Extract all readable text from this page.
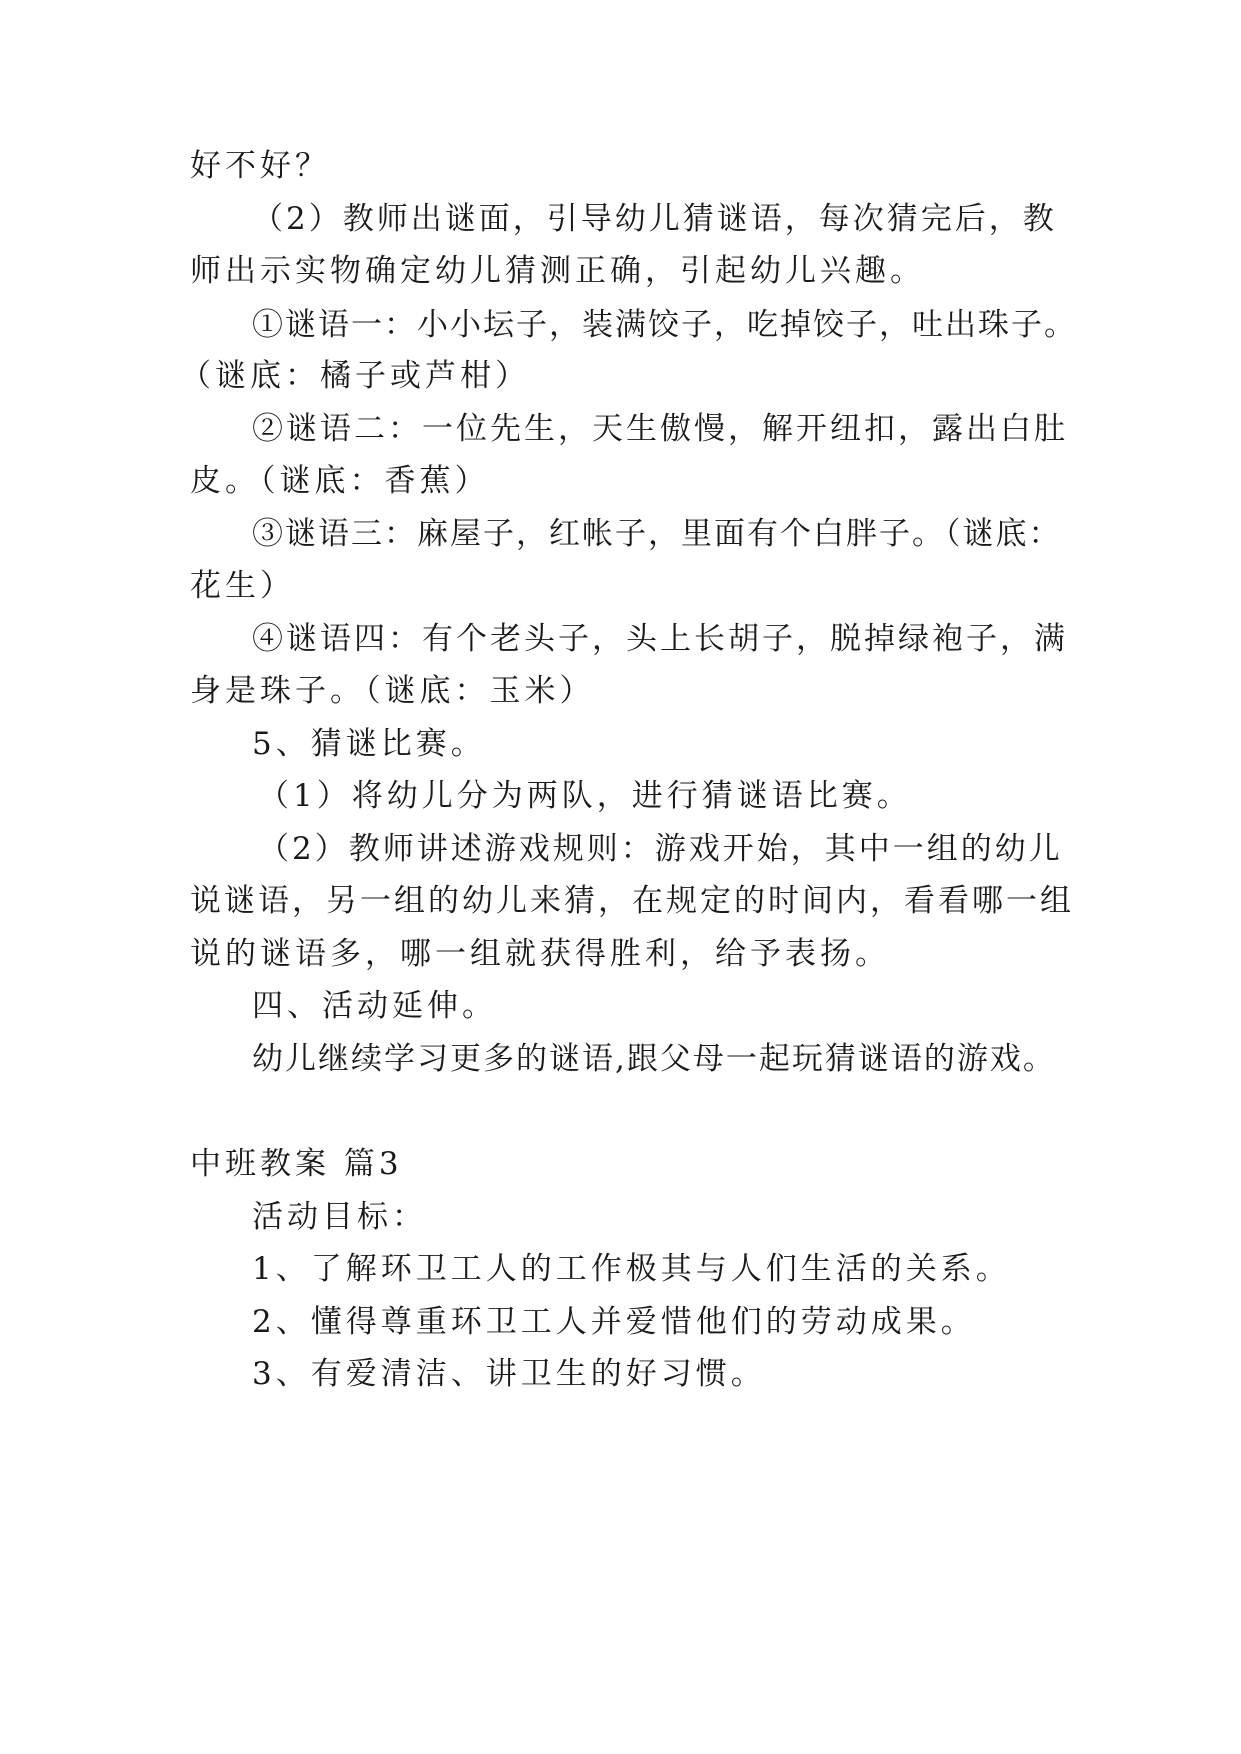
好不好？
（2）教师出谜面，引导幼儿猜谜语，每次猜完后，教
师出示实物确定幼儿猜测正确，引起幼儿兴趣。
①谜语一：小小坛子，装满饺子，吃掉饺子，吐出珠子。
（谜底：橘子或芦柑）
②谜语二：一位先生，天生傲慢，解开纽扣，露出白肚
皮。（谜底：香蕉）
③谜语三：麻屋子，红帐子，里面有个白胖子。（谜底：
花生）
④谜语四：有个老头子，头上长胡子，脱掉绿袍子，满
身是珠子。（谜底：玉米）
5、猜谜比赛。
（1）将幼儿分为两队，进行猜谜语比赛。
（2）教师讲述游戏规则：游戏开始，其中一组的幼儿
说谜语，另一组的幼儿来猜，在规定的时间内，看看哪一组
说的谜语多，哪一组就获得胜利，给予表扬。
四、活动延伸。
幼儿继续学习更多的谜语,跟父母一起玩猜谜语的游戏。
中班教案 篇3
活动目标：
1、了解环卫工人的工作极其与人们生活的关系。
2、懂得尊重环卫工人并爱惜他们的劳动成果。
3、有爱清洁、讲卫生的好习惯。
